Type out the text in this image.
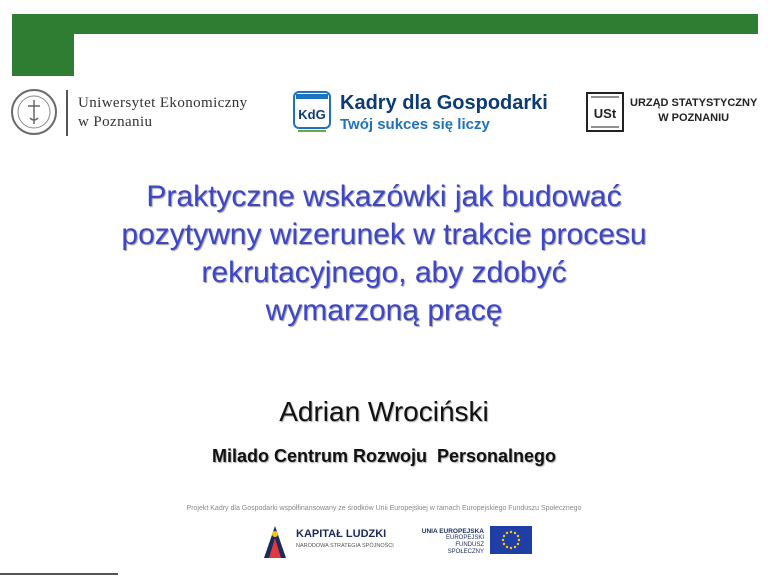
Uniwersytet Ekonomiczny
w Poznaniu	KdG
Kadry dla Gospodarki
Twój sukces się liczy
USt
URZĄD STATYSTYCZNY
W POZNANIU
Praktyczne wskazówki jak budować
pozytywny wizerunek w trakcie procesu
rekrutacyjnego, aby zdobyć
wymarzoną pracę
Adrian Wrociński
Milado Centrum Rozwoju  Personalnego
Projekt Kadry dla Gospodarki współfinansowany ze środków Unii Europejskiej w ramach Europejskiego Funduszu Społecznego
KAPITAŁ LUDZKI
NARODOWA STRATEGIA SPÓJNOŚCI
UNIA EUROPEJSKA
EUROPEJSKI
FUNDUSZ SPOŁECZNY
